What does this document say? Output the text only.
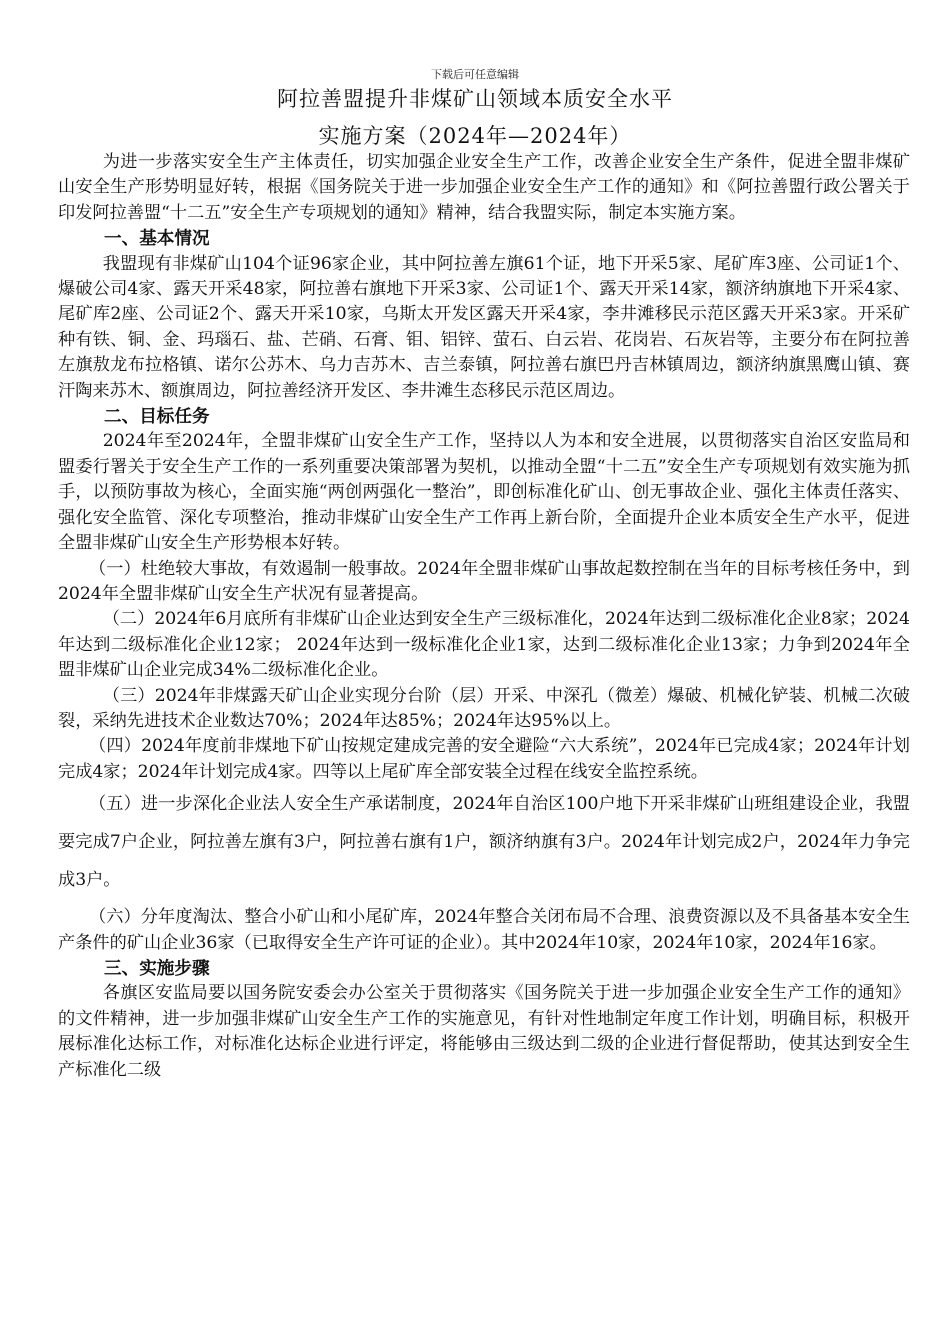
下载后可任意编辑
阿拉善盟提升非煤矿山领域本质安全水平
实施方案（2024年—2024年）

为进一步落实安全生产主体责任，切实加强企业安全生产工作，改善企业安全生产条件，促进全盟非煤矿山安全生产形势明显好转，根据《国务院关于进一步加强企业安全生产工作的通知》和《阿拉善盟行政公署关于印发阿拉善盟“十二五”安全生产专项规划的通知》精神，结合我盟实际，制定本实施方案。

一、基本情况

我盟现有非煤矿山104个证96家企业，其中阿拉善左旗61个证，地下开采5家、尾矿库3座、公司证1个、爆破公司4家、露天开采48家，阿拉善右旗地下开采3家、公司证1个、露天开采14家，额济纳旗地下开采4家、尾矿库2座、公司证2个、露天开采10家，乌斯太开发区露天开采4家，李井滩移民示范区露天开采3家。开采矿种有铁、铜、金、玛瑙石、盐、芒硝、石膏、钼、铝锌、萤石、白云岩、花岗岩、石灰岩等，主要分布在阿拉善左旗敖龙布拉格镇、诺尔公苏木、乌力吉苏木、吉兰泰镇，阿拉善右旗巴丹吉林镇周边，额济纳旗黑鹰山镇、赛汗陶来苏木、额旗周边，阿拉善经济开发区、李井滩生态移民示范区周边。

二、目标任务

2024年至2024年，全盟非煤矿山安全生产工作，坚持以人为本和安全进展，以贯彻落实自治区安监局和盟委行署关于安全生产工作的一系列重要决策部署为契机，以推动全盟“十二五”安全生产专项规划有效实施为抓手，以预防事故为核心，全面实施“两创两强化一整治”，即创标准化矿山、创无事故企业、强化主体责任落实、强化安全监管、深化专项整治，推动非煤矿山安全生产工作再上新台阶，全面提升企业本质安全生产水平，促进全盟非煤矿山安全生产形势根本好转。

（一）杜绝较大事故，有效遏制一般事故。2024年全盟非煤矿山事故起数控制在当年的目标考核任务中，到2024年全盟非煤矿山安全生产状况有显著提高。

（二）2024年6月底所有非煤矿山企业达到安全生产三级标准化，2024年达到二级标准化企业8家；2024年达到二级标准化企业12家； 2024年达到一级标准化企业1家，达到二级标准化企业13家；力争到2024年全盟非煤矿山企业完成34%二级标准化企业。

（三）2024年非煤露天矿山企业实现分台阶（层）开采、中深孔（微差）爆破、机械化铲装、机械二次破裂，采纳先进技术企业数达70%；2024年达85%；2024年达95%以上。

（四）2024年度前非煤地下矿山按规定建成完善的安全避险“六大系统”，2024年已完成4家；2024年计划完成4家；2024年计划完成4家。四等以上尾矿库全部安装全过程在线安全监控系统。

（五）进一步深化企业法人安全生产承诺制度，2024年自治区100户地下开采非煤矿山班组建设企业，我盟要完成7户企业，阿拉善左旗有3户，阿拉善右旗有1户，额济纳旗有3户。2024年计划完成2户，2024年力争完成3户。

（六）分年度淘汰、整合小矿山和小尾矿库，2024年整合关闭布局不合理、浪费资源以及不具备基本安全生产条件的矿山企业36家（已取得安全生产许可证的企业）。其中2024年10家，2024年10家，2024年16家。

三、实施步骤

各旗区安监局要以国务院安委会办公室关于贯彻落实《国务院关于进一步加强企业安全生产工作的通知》的文件精神，进一步加强非煤矿山安全生产工作的实施意见，有针对性地制定年度工作计划，明确目标，积极开展标准化达标工作，对标准化达标企业进行评定，将能够由三级达到二级的企业进行督促帮助，使其达到安全生产标准化二级
